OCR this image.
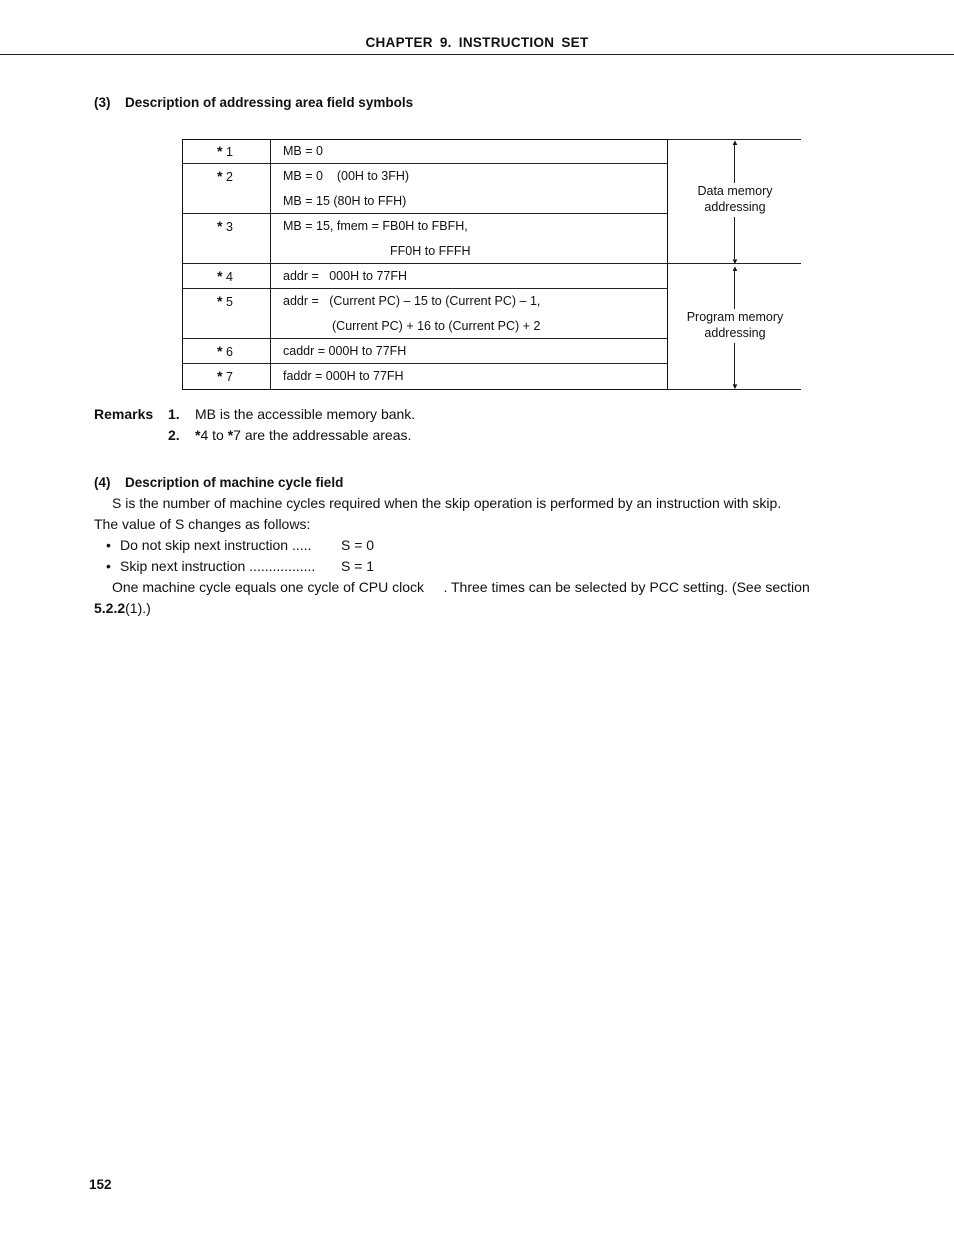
CHAPTER 9. INSTRUCTION SET
(3) Description of addressing area field symbols
* 1	MB = 0
* 2	MB = 0    (00H to 3FH)
MB = 15 (80H to FFH)
* 3	MB = 15, fmem = FB0H to FBFH,
FF0H to FFFH
* 4	addr =   000H to 77FH
* 5	addr =   (Current PC) – 15 to (Current PC) – 1,
(Current PC) + 16 to (Current PC) + 2
* 6	caddr = 000H to 77FH
* 7	faddr = 000H to 77FH
▲
Data memory
addressing
▼
▲
Program memory
addressing
▼
Remarks 1. MB is the accessible memory bank.
2. *4 to *7 are the addressable areas.
(4) Description of machine cycle field
S is the number of machine cycles required when the skip operation is performed by an instruction with skip.
The value of S changes as follows:
• Do not skip next instruction ..... S = 0
• Skip next instruction ................. S = 1
One machine cycle equals one cycle of CPU clock     . Three times can be selected by PCC setting. (See section
5.2.2(1).)
152
